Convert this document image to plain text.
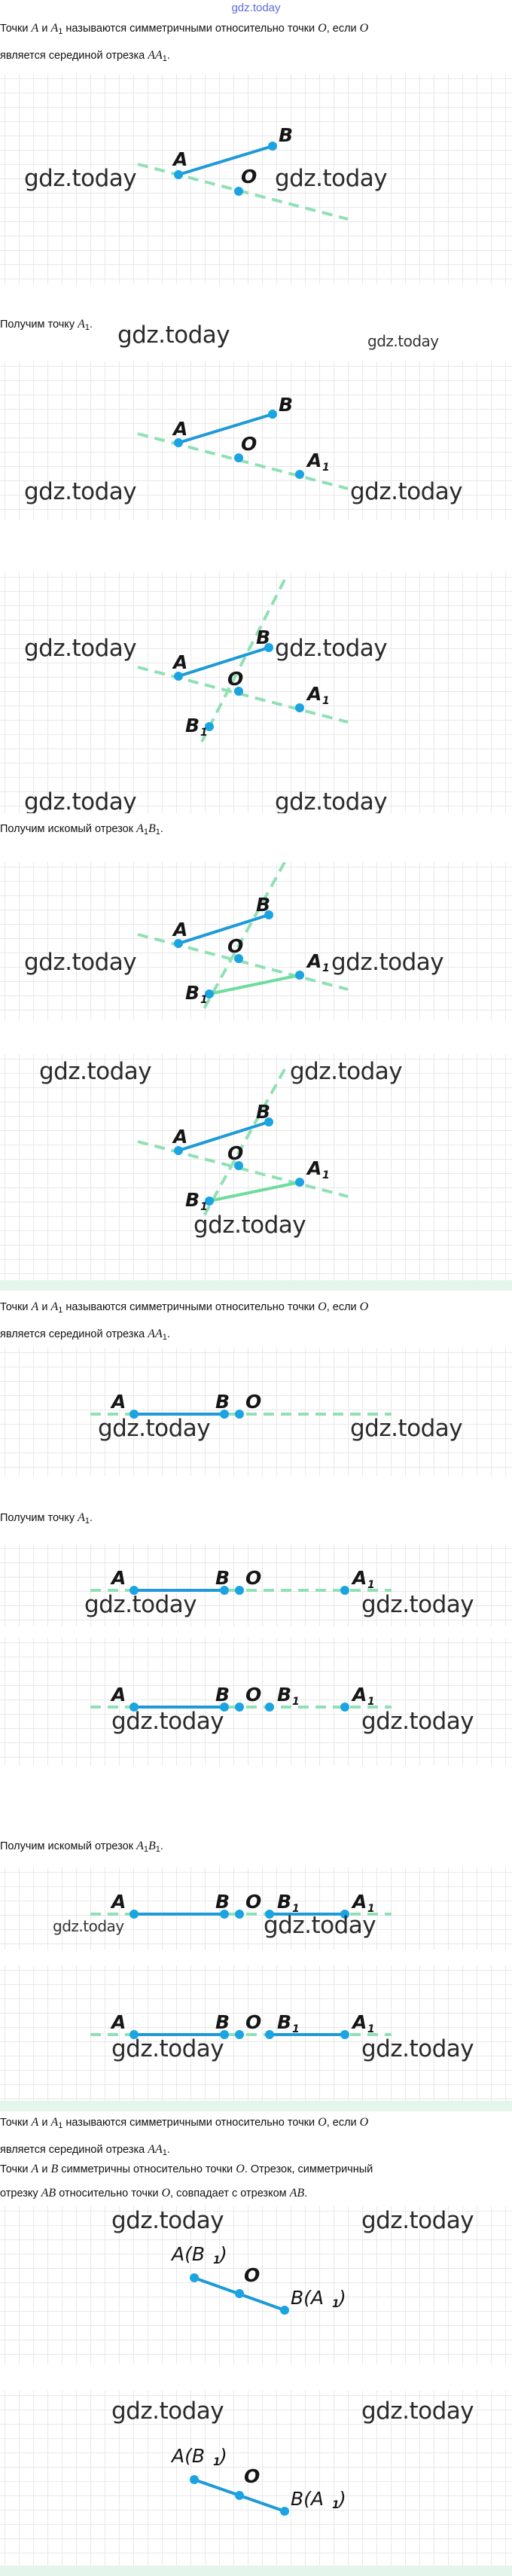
gdz.today
Точки A и $A_1$ называются симметричными относительно точки O, если O
является серединой отрезка $AA_1$.
A
B
O
gdz.today	gdz.today
Получим точку $A_1$.	gdz.today	gdz.today
A
B
O
A 1
gdz.today	gdz.today
A
B
O
A 1
B 1
gdz.today	gdz.today
gdz.today	gdz.today
Получим искомый отрезок $A_1B_1$.
A
B
O
A 1
B 1
gdz.today	gdz.today
A
B
O
A 1
B 1
gdz.today	gdz.today
gdz.today
Точки A и $A_1$ называются симметричными относительно точки O, если O
является серединой отрезка $AA_1$.
A	B O
gdz.today	gdz.today
Получим точку $A_1$.
A	B O	A 1
gdz.today	gdz.today
A	B O B 1	A 1
gdz.today	gdz.today
Получим искомый отрезок $A_1B_1$.
A	B O B 1	A 1
gdz.today	gdz.today
A	B O B 1	A 1
gdz.today	gdz.today
Точки A и $A_1$ называются симметричными относительно точки O, если O
является серединой отрезка $AA_1$.
Точки A и B симметричны относительно точки O. Отрезок, симметричный
отрезку AB относительно точки O, совпадает с отрезком AB.
A(B 1 )
O
B(A 1 )
gdz.today	gdz.today
A(B 1 )
O
B(A 1 )
gdz.today	gdz.today
